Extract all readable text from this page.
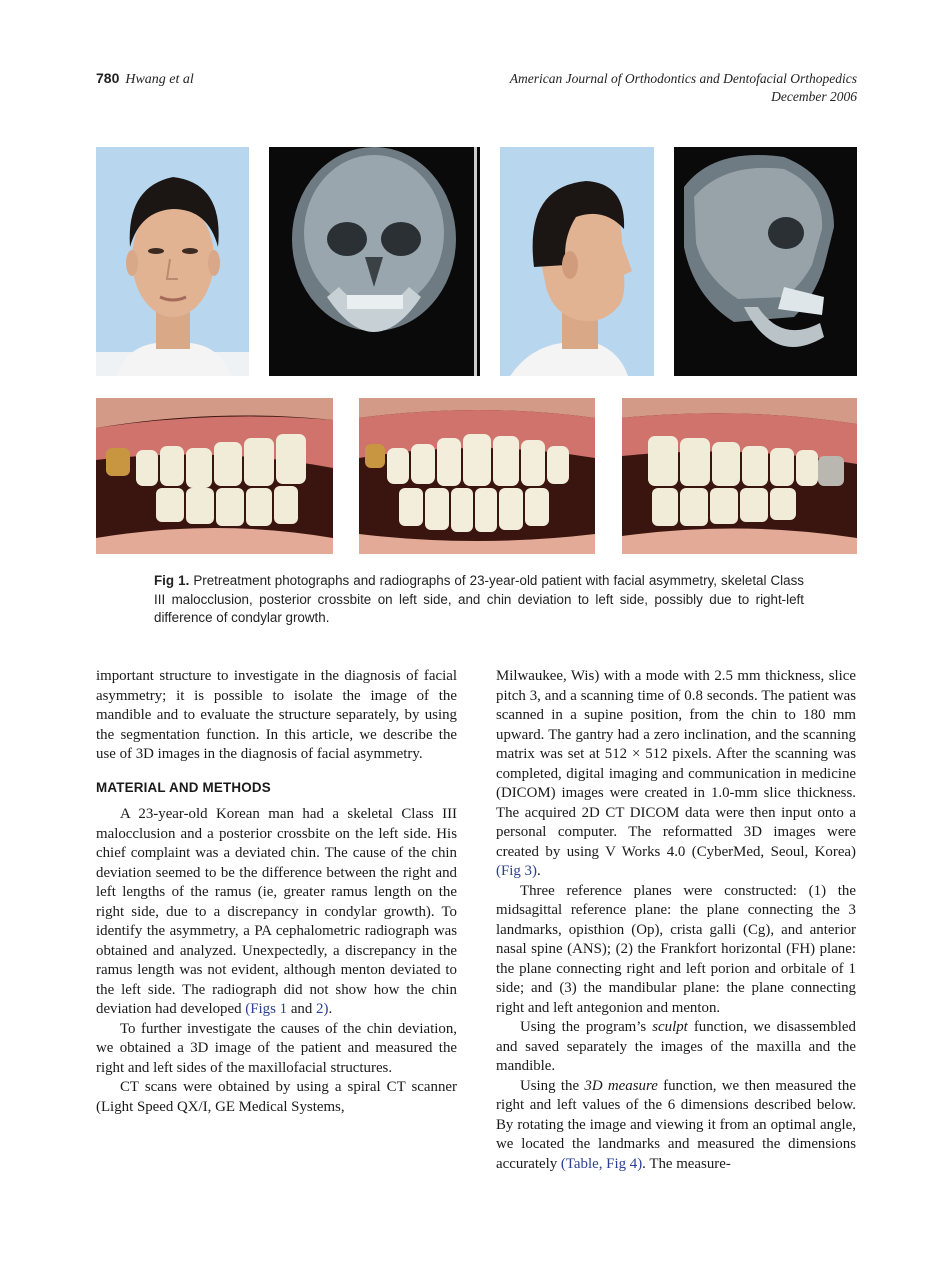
780 Hwang et al	American Journal of Orthodontics and Dentofacial Orthopedics
December 2006
Fig 1. Pretreatment photographs and radiographs of 23-year-old patient with facial asymmetry, skeletal Class III malocclusion, posterior crossbite on left side, and chin deviation to left side, possibly due to right-left difference of condylar growth.

important structure to investigate in the diagnosis of facial asymmetry; it is possible to isolate the image of the mandible and to evaluate the structure separately, by using the segmentation function. In this article, we describe the use of 3D images in the diagnosis of facial asymmetry.

MATERIAL AND METHODS

A 23-year-old Korean man had a skeletal Class III malocclusion and a posterior crossbite on the left side. His chief complaint was a deviated chin. The cause of the chin deviation seemed to be the difference between the right and left lengths of the ramus (ie, greater ramus length on the right side, due to a discrepancy in condylar growth). To identify the asymmetry, a PA cephalometric radiograph was obtained and analyzed. Unexpectedly, a discrepancy in the ramus length was not evident, although menton deviated to the left side. The radiograph did not show how the chin deviation had developed (Figs 1 and 2).

To further investigate the causes of the chin deviation, we obtained a 3D image of the patient and measured the right and left sides of the maxillofacial structures.

CT scans were obtained by using a spiral CT scanner (Light Speed QX/I, GE Medical Systems,

Milwaukee, Wis) with a mode with 2.5 mm thickness, slice pitch 3, and a scanning time of 0.8 seconds. The patient was scanned in a supine position, from the chin to 180 mm upward. The gantry had a zero inclination, and the scanning matrix was set at 512 × 512 pixels. After the scanning was completed, digital imaging and communication in medicine (DICOM) images were created in 1.0-mm slice thickness. The acquired 2D CT DICOM data were then input onto a personal computer. The reformatted 3D images were created by using V Works 4.0 (CyberMed, Seoul, Korea) (Fig 3).

Three reference planes were constructed: (1) the midsagittal reference plane: the plane connecting the 3 landmarks, opisthion (Op), crista galli (Cg), and anterior nasal spine (ANS); (2) the Frankfort horizontal (FH) plane: the plane connecting right and left porion and orbitale of 1 side; and (3) the mandibular plane: the plane connecting right and left antegonion and menton.

Using the program’s sculpt function, we disassembled and saved separately the images of the maxilla and the mandible.

Using the 3D measure function, we then measured the right and left values of the 6 dimensions described below. By rotating the image and viewing it from an optimal angle, we located the landmarks and measured the dimensions accurately (Table, Fig 4). The measure-
